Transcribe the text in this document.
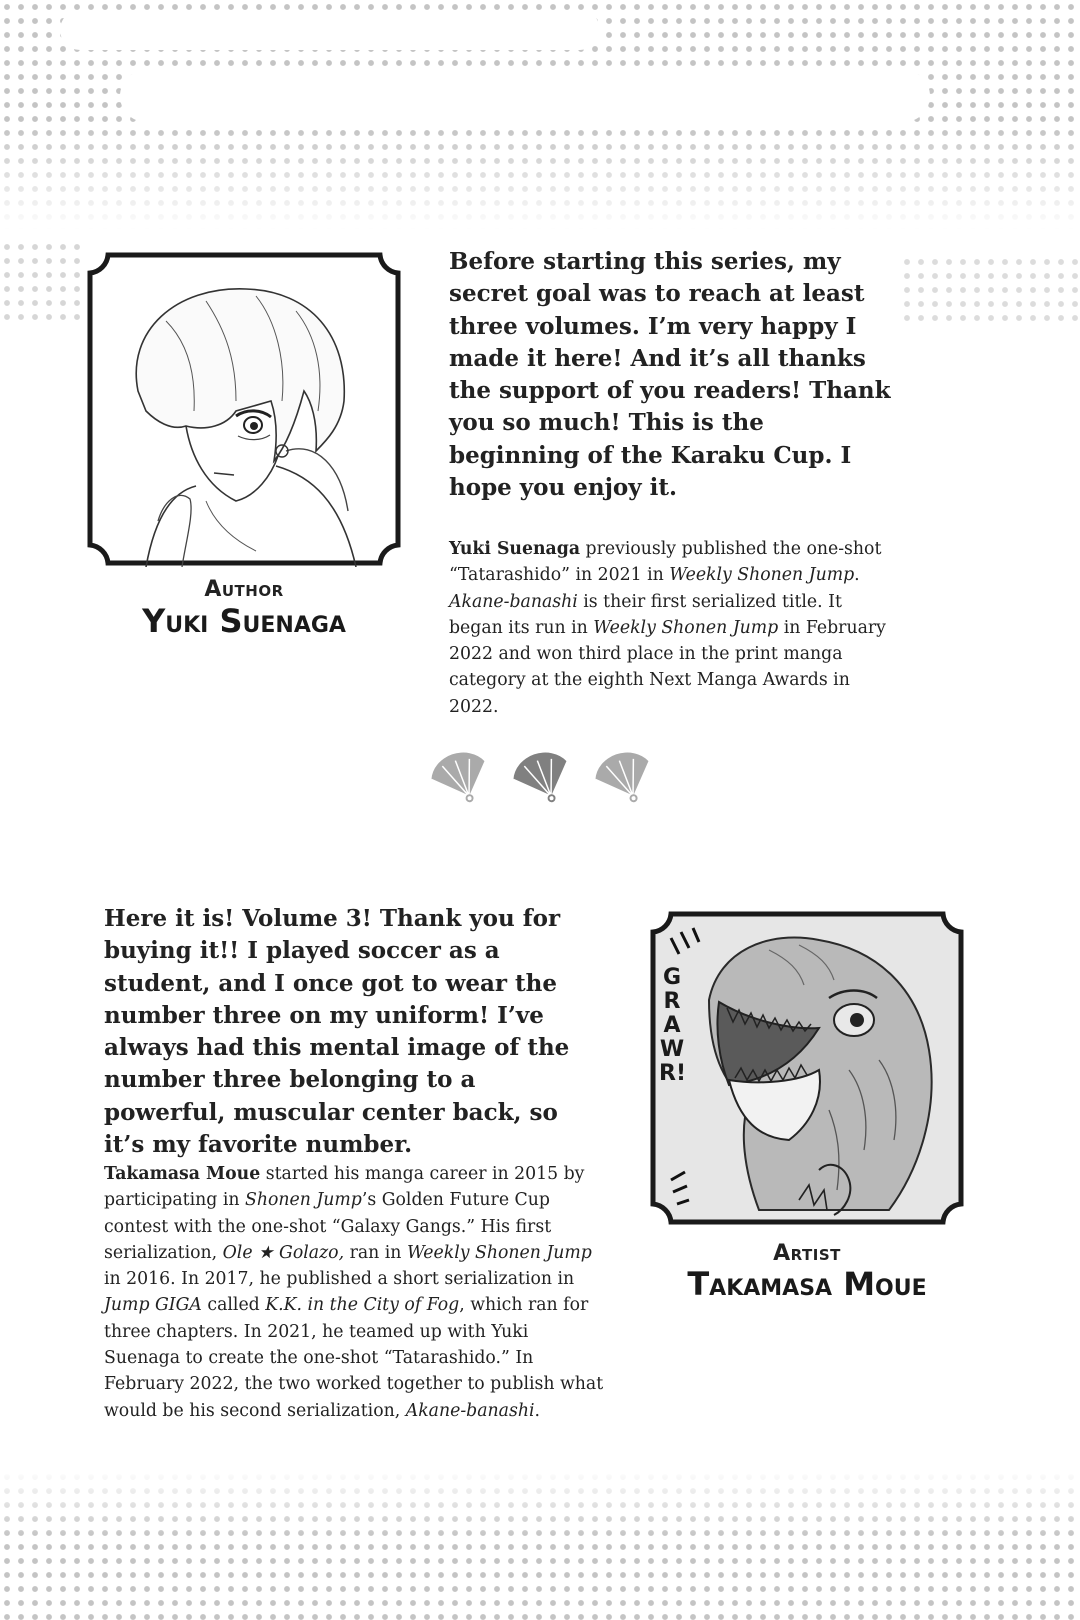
Author
Yuki Suenaga

Before starting this series, my secret goal was to reach at least three volumes. I’m very happy I made it here! And it’s all thanks the support of you readers! Thank you so much! This is the beginning of the Karaku Cup. I hope you enjoy it.

Yuki Suenaga previously published the one-shot “Tatarashido” in 2021 in Weekly Shonen Jump. Akane-banashi is their first serialized title. It began its run in Weekly Shonen Jump in February 2022 and won third place in the print manga category at the eighth Next Manga Awards in 2022.

Here it is! Volume 3! Thank you for buying it!! I played soccer as a student, and I once got to wear the number three on my uniform! I’ve always had this mental image of the number three belonging to a powerful, muscular center back, so it’s my favorite number.

Takamasa Moue started his manga career in 2015 by participating in Shonen Jump’s Golden Future Cup contest with the one-shot “Galaxy Gangs.” His first serialization, Ole ★ Golazo, ran in Weekly Shonen Jump in 2016. In 2017, he published a short serialization in Jump GIGA called K.K. in the City of Fog, which ran for three chapters. In 2021, he teamed up with Yuki Suenaga to create the one-shot “Tatarashido.” In February 2022, the two worked together to publish what would be his second serialization, Akane-banashi.

GRAWR!
Artist
Takamasa Moue
